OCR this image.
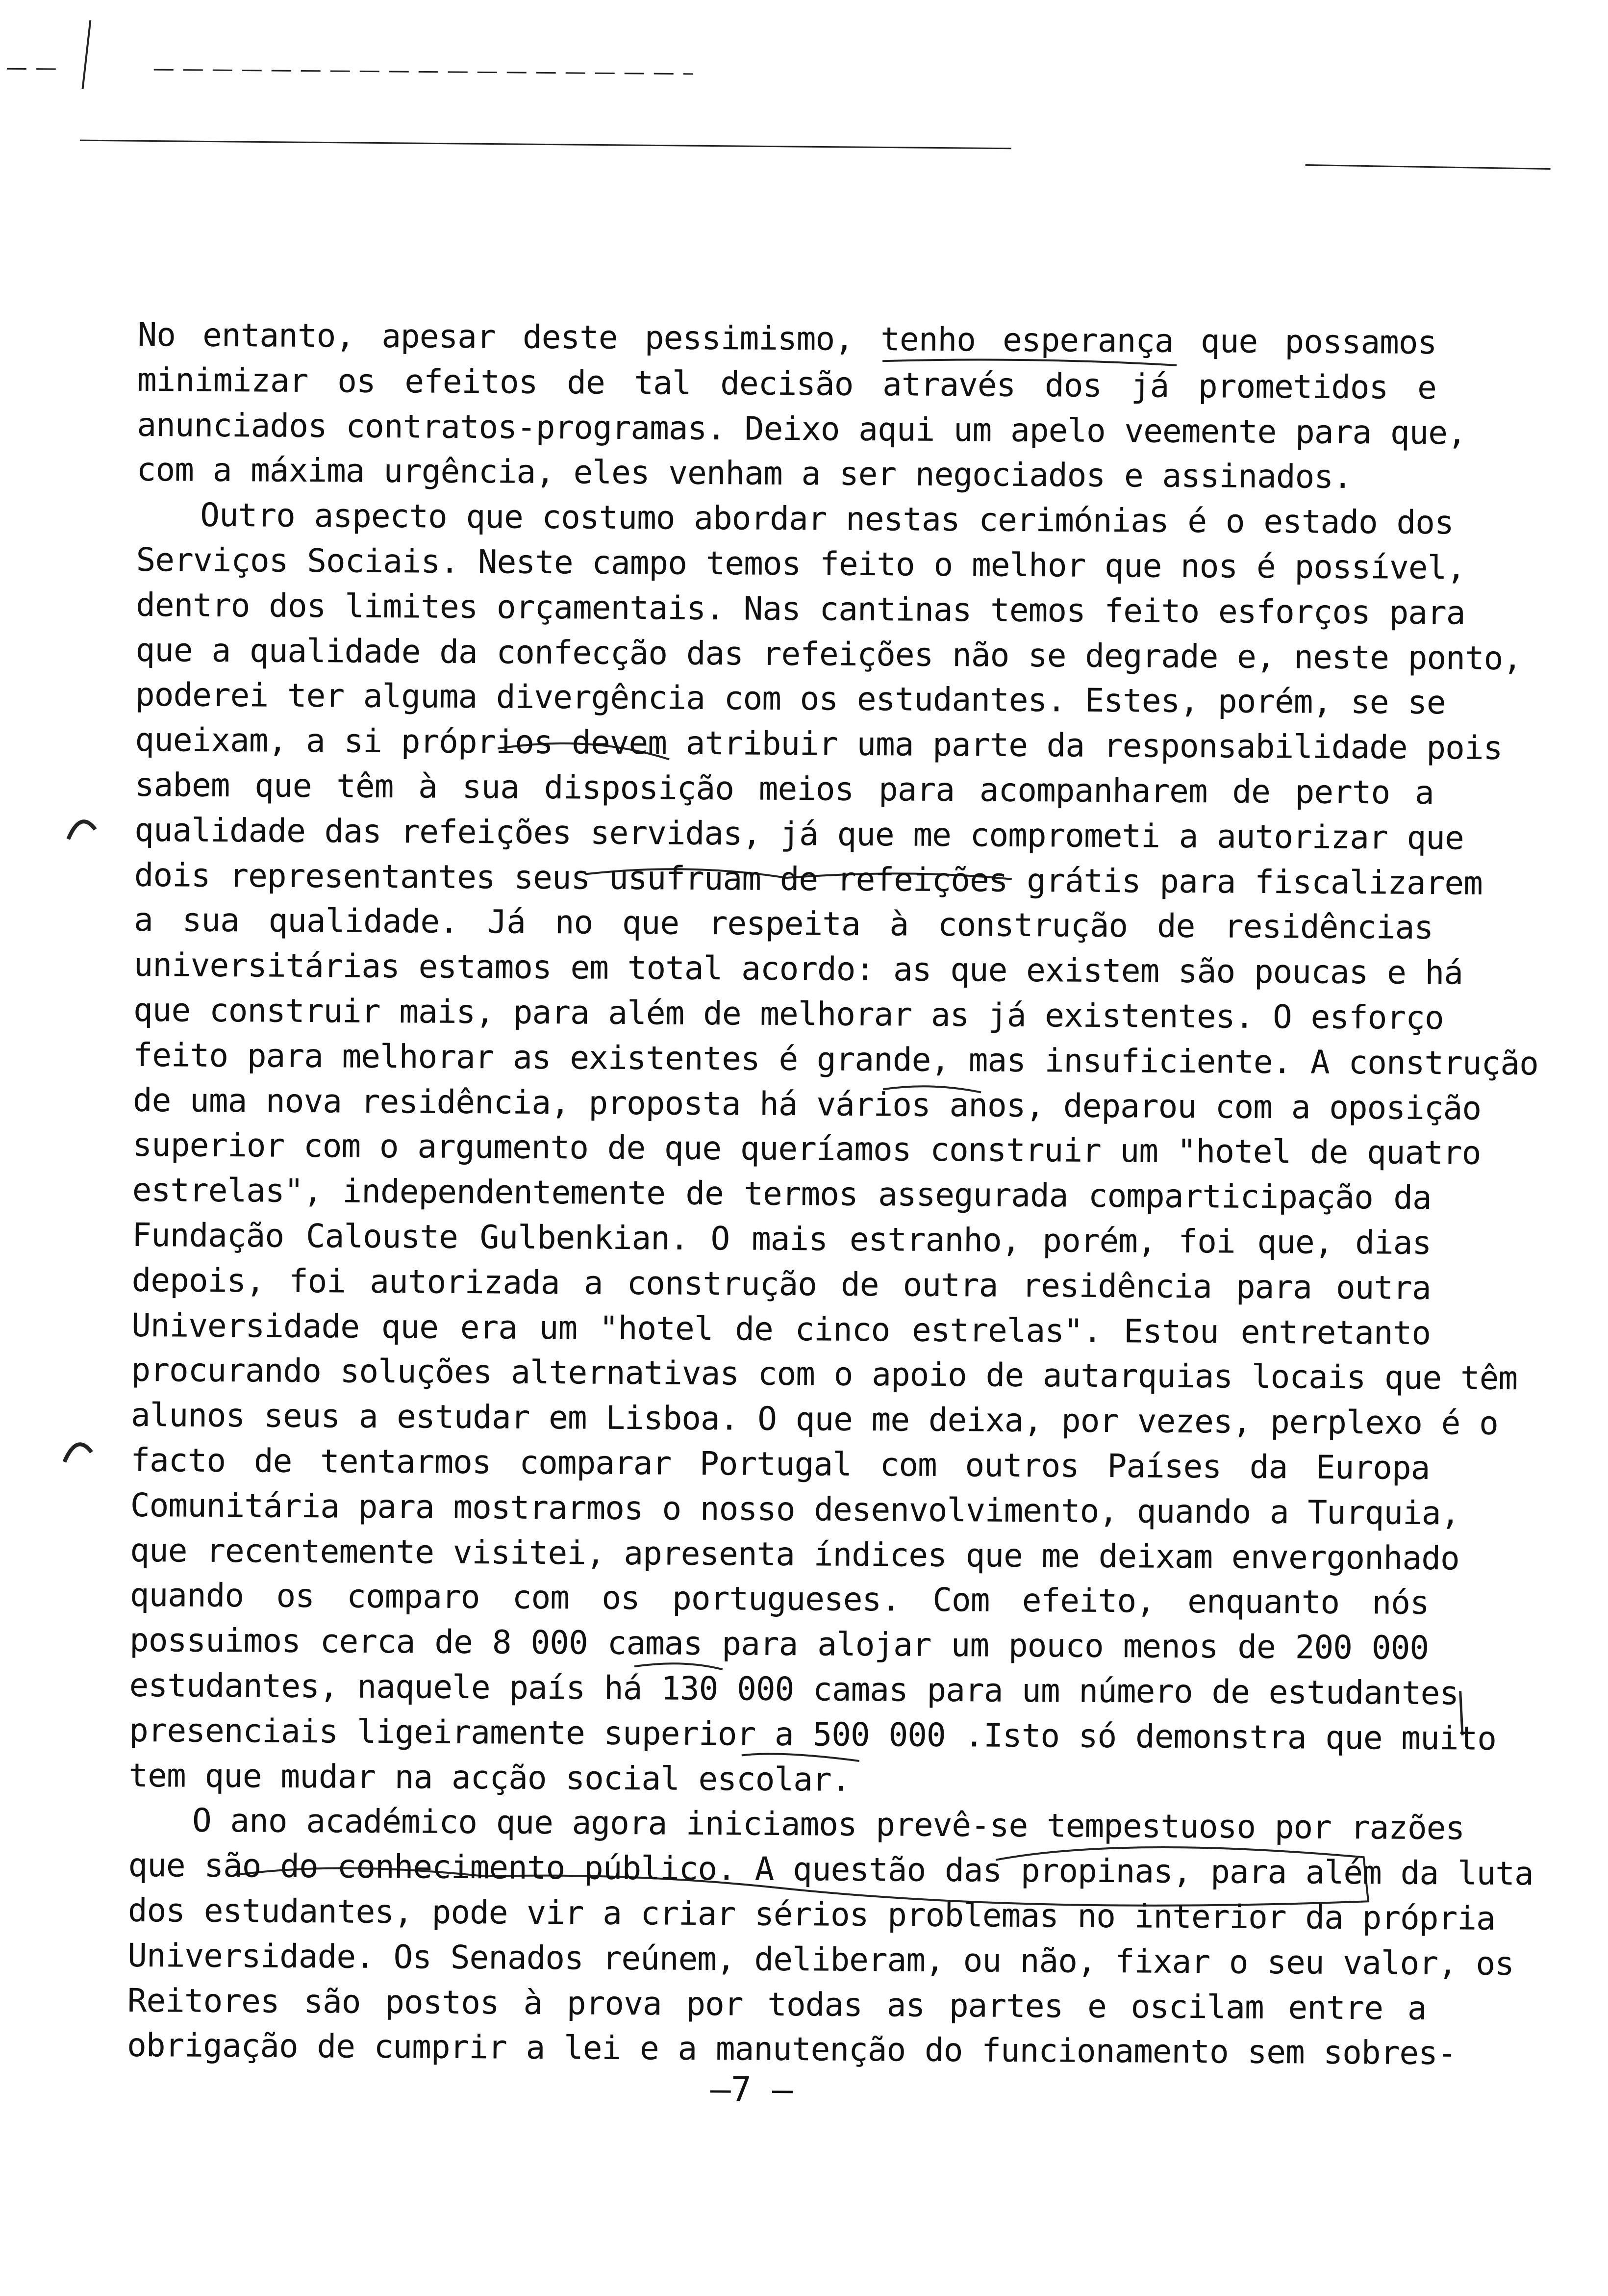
No entanto, apesar deste pessimismo, tenho esperança que possamos
minimizar os efeitos de tal decisão através dos já prometidos e
anunciados contratos-programas. Deixo aqui um apelo veemente para que,
com a máxima urgência, eles venham a ser negociados e assinados.
Outro aspecto que costumo abordar nestas cerimónias é o estado dos
Serviços Sociais. Neste campo temos feito o melhor que nos é possível,
dentro dos limites orçamentais. Nas cantinas temos feito esforços para
que a qualidade da confecção das refeições não se degrade e, neste ponto,
poderei ter alguma divergência com os estudantes. Estes, porém, se se
queixam, a si próprios devem atribuir uma parte da responsabilidade pois
sabem que têm à sua disposição meios para acompanharem de perto a
qualidade das refeições servidas, já que me comprometi a autorizar que
dois representantes seus usufruam de refeições grátis para fiscalizarem
a sua qualidade. Já no que respeita à construção de residências
universitárias estamos em total acordo: as que existem são poucas e há
que construir mais, para além de melhorar as já existentes. O esforço
feito para melhorar as existentes é grande, mas insuficiente. A construção
de uma nova residência, proposta há vários anos, deparou com a oposição
superior com o argumento de que queríamos construir um "hotel de quatro
estrelas", independentemente de termos assegurada comparticipação da
Fundação Calouste Gulbenkian. O mais estranho, porém, foi que, dias
depois, foi autorizada a construção de outra residência para outra
Universidade que era um "hotel de cinco estrelas". Estou entretanto
procurando soluções alternativas com o apoio de autarquias locais que têm
alunos seus a estudar em Lisboa. O que me deixa, por vezes, perplexo é o
facto de tentarmos comparar Portugal com outros Países da Europa
Comunitária para mostrarmos o nosso desenvolvimento, quando a Turquia,
que recentemente visitei, apresenta índices que me deixam envergonhado
quando os comparo com os portugueses. Com efeito, enquanto nós
possuimos cerca de 8 000 camas para alojar um pouco menos de 200 000
estudantes, naquele país há 130 000 camas para um número de estudantes
presenciais ligeiramente superior a 500 000 .Isto só demonstra que muito
tem que mudar na acção social escolar.
O ano académico que agora iniciamos prevê-se tempestuoso por razões
que são do conhecimento público. A questão das propinas, para além da luta
dos estudantes, pode vir a criar sérios problemas no interior da própria
Universidade. Os Senados reúnem, deliberam, ou não, fixar o seu valor, os
Reitores são postos à prova por todas as partes e oscilam entre a
obrigação de cumprir a lei e a manutenção do funcionamento sem sobres-
—7 —
